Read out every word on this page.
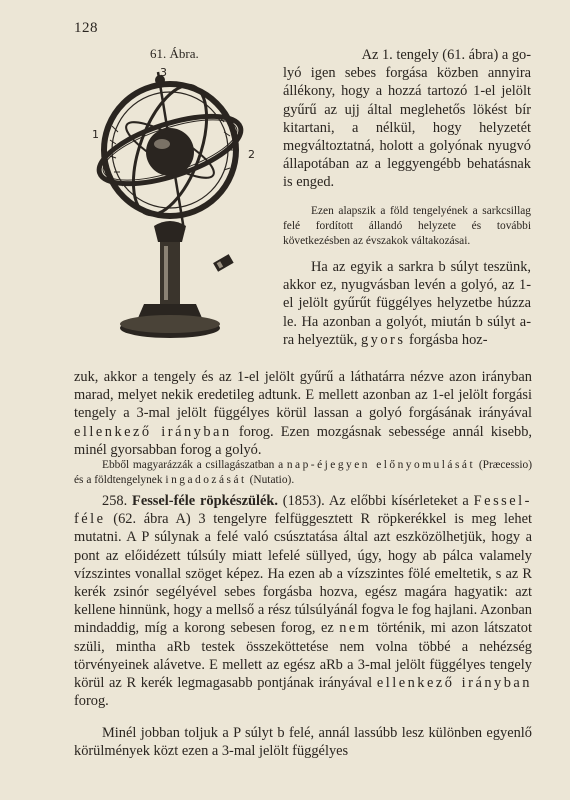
128
61. Ábra.
3
1
2

Az 1. tengely (61. ábra) a go-

lyó igen sebes forgása közben annyira állékony, hogy a hozzá tartozó 1-el jelölt gyűrű az ujj által meglehetős lökést bír kitartani, a nélkül, hogy helyzetét megváltoztatná, holott a golyónak nyugvó állapotában az a leggyengébb behatásnak is enged.

Ezen alapszik a föld tengelyének a sarkcsillag felé fordított állandó helyzete és további következésben az évszakok váltakozásai.

Ha az egyik a sarkra b súlyt teszünk, akkor ez, nyugvásban levén a golyó, az 1-el jelölt gyűrűt függélyes helyzetbe húzza le. Ha azonban a golyót, miután b súlyt a-ra helyeztük, gyors forgásba hoz-

zuk, akkor a tengely és az 1-el jelölt gyűrű a láthatárra nézve azon irányban marad, melyet nekik eredetileg adtunk. E mellett azonban az 1-el jelölt forgási tengely a 3-mal jelölt függélyes körül lassan a golyó forgásának irányával ellenkező irányban forog. Ezen mozgásnak sebessége annál kisebb, minél gyorsabban forog a golyó.

Ebből magyarázzák a csillagászatban a nap-éjegyen előnyomulását (Præcessio) és a földtengelynek ingadozását (Nutatio).

258. Fessel-féle röpkészülék. (1853). Az előbbi kísérleteket a Fessel-féle (62. ábra A) 3 tengelyre felfüggesztett R röpkerékkel is meg lehet mutatni. A P súlynak a felé való csúsztatása által azt eszközölhetjük, hogy a pont az előidézett túlsúly miatt lefelé süllyed, úgy, hogy ab pálca valamely vízszintes vonallal szöget képez. Ha ezen ab a vízszintes fölé emeltetik, s az R kerék zsinór segélyével sebes forgásba hozva, egész magára hagyatik: azt kellene hinnünk, hogy a mellső a rész túlsúlyánál fogva le fog hajlani. Azonban mindaddig, míg a korong sebesen forog, ez nem történik, mi azon látszatot szüli, mintha aRb testek összeköttetése nem volna többé a nehézség törvényeinek alávetve. E mellett az egész aRb a 3-mal jelölt függélyes tengely körül az R kerék legmagasabb pontjának irányával ellenkező irányban forog.

Minél jobban toljuk a P súlyt b felé, annál lassúbb lesz különben egyenlő körülmények közt ezen a 3-mal jelölt függélyes
